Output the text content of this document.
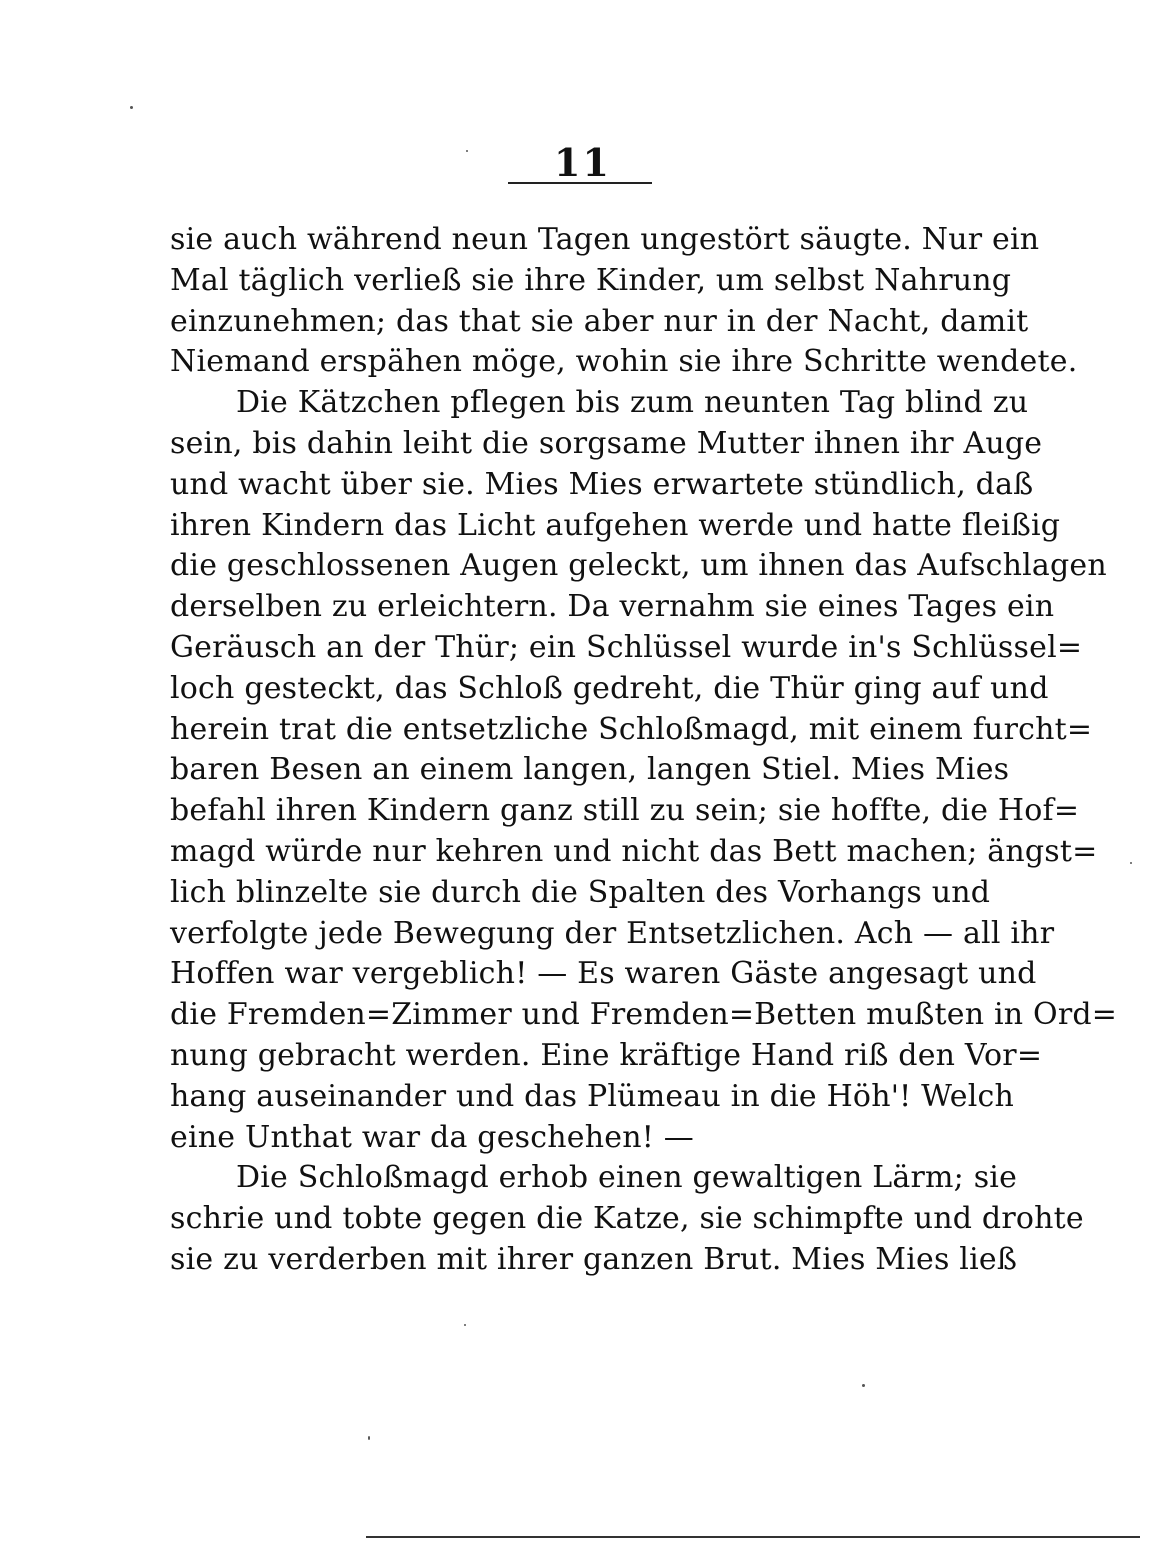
11
sie auch während neun Tagen ungestört säugte. Nur ein
Mal täglich verließ sie ihre Kinder, um selbst Nahrung
einzunehmen; das that sie aber nur in der Nacht, damit
Niemand erspähen möge, wohin sie ihre Schritte wendete.
Die Kätzchen pflegen bis zum neunten Tag blind zu
sein, bis dahin leiht die sorgsame Mutter ihnen ihr Auge
und wacht über sie. Mies Mies erwartete stündlich, daß
ihren Kindern das Licht aufgehen werde und hatte fleißig
die geschlossenen Augen geleckt, um ihnen das Aufschlagen
derselben zu erleichtern. Da vernahm sie eines Tages ein
Geräusch an der Thür; ein Schlüssel wurde in's Schlüssel=
loch gesteckt, das Schloß gedreht, die Thür ging auf und
herein trat die entsetzliche Schloßmagd, mit einem furcht=
baren Besen an einem langen, langen Stiel. Mies Mies
befahl ihren Kindern ganz still zu sein; sie hoffte, die Hof=
magd würde nur kehren und nicht das Bett machen; ängst=
lich blinzelte sie durch die Spalten des Vorhangs und
verfolgte jede Bewegung der Entsetzlichen. Ach — all ihr
Hoffen war vergeblich! — Es waren Gäste angesagt und
die Fremden=Zimmer und Fremden=Betten mußten in Ord=
nung gebracht werden. Eine kräftige Hand riß den Vor=
hang auseinander und das Plümeau in die Höh'! Welch
eine Unthat war da geschehen! —
Die Schloßmagd erhob einen gewaltigen Lärm; sie
schrie und tobte gegen die Katze, sie schimpfte und drohte
sie zu verderben mit ihrer ganzen Brut. Mies Mies ließ
